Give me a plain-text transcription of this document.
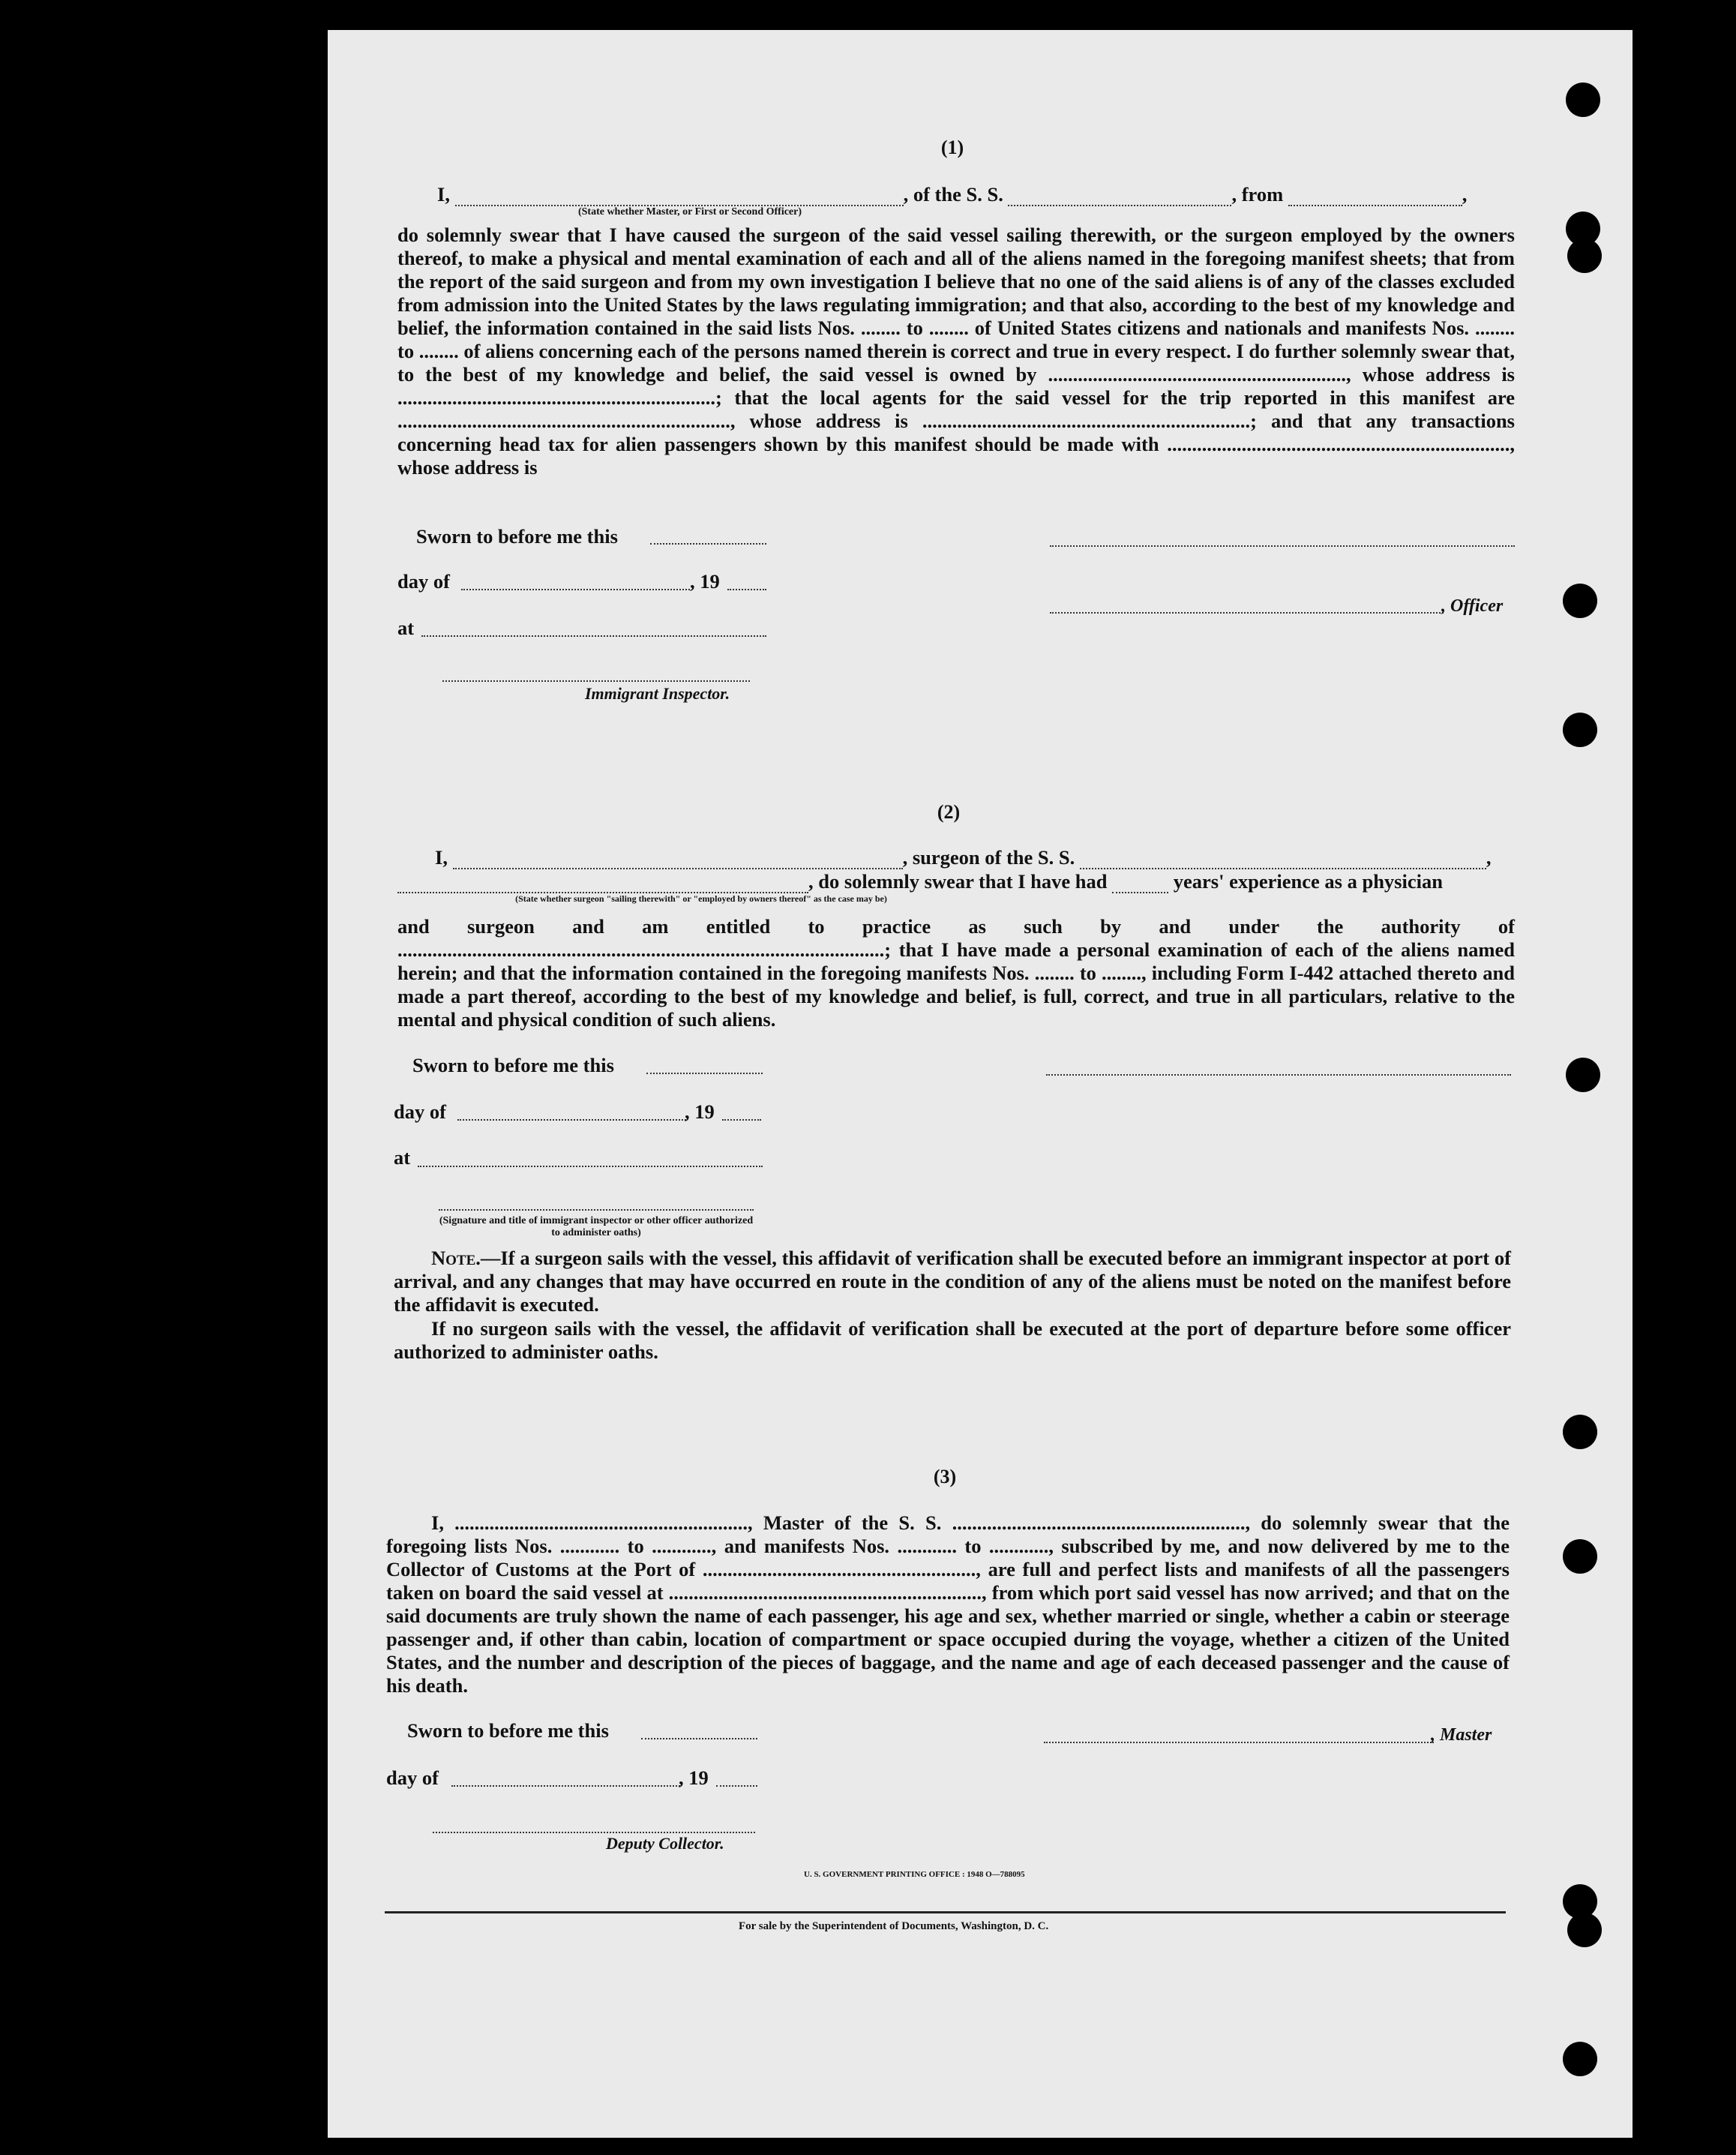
(1)
I,	, of the S. S.	, from	,
(State whether Master, or First or Second Officer)
do solemnly swear that I have caused the surgeon of the said vessel sailing therewith, or the surgeon employed by the owners thereof, to make a physical and mental examination of each and all of the aliens named in the foregoing manifest sheets; that from the report of the said surgeon and from my own investigation I believe that no one of the said aliens is of any of the classes excluded from admission into the United States by the laws regulating immigration; and that also, according to the best of my knowledge and belief, the information contained in the said lists Nos. ........ to ........ of United States citizens and nationals and manifests Nos. ........ to ........ of aliens concerning each of the persons named therein is correct and true in every respect. I do further solemnly swear that, to the best of my knowledge and belief, the said vessel is owned by ............................................................, whose address is ................................................................; that the local agents for the said vessel for the trip reported in this manifest are ..................................................................., whose address is ..................................................................; and that any transactions concerning head tax for alien passengers shown by this manifest should be made with ....................................................................., whose address is
Sworn to before me this
day of	, 19
at
Immigrant Inspector.
, Officer
(2)
I,	, surgeon of the S. S.	,
, do solemnly swear that I have had	years' experience as a physician
(State whether surgeon "sailing therewith" or "employed by owners thereof" as the case may be)
and surgeon and am entitled to practice as such by and under the authority of ..................................................................................................; that I have made a personal examination of each of the aliens named herein; and that the information contained in the foregoing manifests Nos. ........ to ........, including Form I-442 attached thereto and made a part thereof, according to the best of my knowledge and belief, is full, correct, and true in all particulars, relative to the mental and physical condition of such aliens.
Sworn to before me this
day of	, 19
at
(Signature and title of immigrant inspector or other officer authorized to administer oaths)
Note.—If a surgeon sails with the vessel, this affidavit of verification shall be executed before an immigrant inspector at port of arrival, and any changes that may have occurred en route in the condition of any of the aliens must be noted on the manifest before the affidavit is executed.
If no surgeon sails with the vessel, the affidavit of verification shall be executed at the port of departure before some officer authorized to administer oaths.
(3)
I, ..........................................................., Master of the S. S. ..........................................................., do solemnly swear that the foregoing lists Nos. ............ to ............, and manifests Nos. ............ to ............, subscribed by me, and now delivered by me to the Collector of Customs at the Port of ......................................................., are full and perfect lists and manifests of all the passengers taken on board the said vessel at ..............................................................., from which port said vessel has now arrived; and that on the said documents are truly shown the name of each passenger, his age and sex, whether married or single, whether a cabin or steerage passenger and, if other than cabin, location of compartment or space occupied during the voyage, whether a citizen of the United States, and the number and description of the pieces of baggage, and the name and age of each deceased passenger and the cause of his death.
Sworn to before me this
day of	, 19
Deputy Collector.
, Master
U. S. GOVERNMENT PRINTING OFFICE : 1948 O—788095
For sale by the Superintendent of Documents, Washington, D. C.
